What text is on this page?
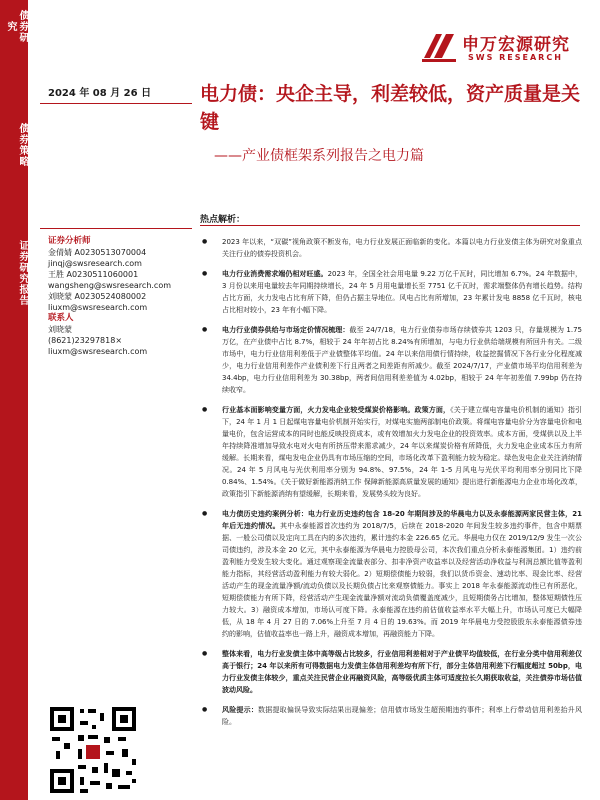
债券研究
债券策略
证券研究报告
申万宏源研究
SWS RESEARCH
2024 年 08 月 26 日	电力债：央企主导，利差较低，资产质量是关键
——产业债框架系列报告之电力篇
热点解析：
证券分析师
金倩婧 A0230513070004
jinqj@swsresearch.com
王胜 A0230511060001
wangsheng@swsresearch.com
刘晓蒙 A0230524080002
liuxm@swsresearch.com
联系人
刘晓蒙
(8621)23297818×
liuxm@swsresearch.com
● 2023 年以来，“双碳”视角政策不断发布，电力行业发展正面临新的变化。本篇以电力行业发债主体为研究对象重点关注行业的债券投资机会。
● 电力行业消费需求端仍相对旺盛。2023 年，全国全社会用电量 9.22 万亿千瓦时，同比增加 6.7%。24 年数据中，3 月份以来用电量较去年同期持续增长，24 年 5 月用电量增长至 7751 亿千瓦时，需求端整体仍有增长趋势。结构占比方面，火力发电占比有所下降，但仍占据主导地位。风电占比有所增加，23 年累计发电 8858 亿千瓦时，核电占比相对较小，23 年有小幅下降。
● 电力行业债券供给与市场定价情况梳理：截至 24/7/18，电力行业债券市场存续债券共 1203 只，存量规模为 1.75 万亿，在产业债中占比 8.7%，相较于 24 年年初占比 8.24%有所增加，与电力行业供给端规模有所回升有关。二级市场中，电力行业信用利差低于产业债整体平均值。24 年以来信用债行情持续，收益挖掘情况下各行业分化程度减少，电力行业信用利差作产业债利差下行且两者之间差距有所减少。截至 2024/7/17，产业债市场平均信用利差为 34.4bp，电力行业信用利差为 30.38bp，两者间信用利差差值为 4.02bp，相较于 24 年年初差值 7.99bp 仍在持续收窄。
● 行业基本面影响变量方面，火力发电企业较受煤炭价格影响。政策方面，《关于建立煤电容量电价机制的通知》指引下，24 年 1 月 1 日起煤电容量电价机制开始实行，对煤电实施两部制电价政策。将煤电容量电价分为容量电价和电量电价，包含运营成本的同时也能反映投资成本，或有效增加火力发电企业的投资效率。成本方面，受煤供以及上半年持续降准增加导致水电对火电有所挤压带来需求减少，24 年以来煤炭价格有所降低，火力发电企业成本压力有所缓解。长期来看，煤电发电企业仍具有市场压缩的空间，市场化改革下盈利能力较为稳定。绿色发电企业关注消纳情况。24 年 5 月风电与光伏利用率分别为 94.8%、97.5%，24 年 1-5 月风电与光伏平均利用率分别同比下降 0.84%、1.54%。《关于做好新能源消纳工作 保障新能源高质量发展的通知》提出进行新能源电力企业市场化改革，政策指引下新能源消纳有望缓解，长期来看，发展势头较为良好。
● 电力债历史违约案例分析：电力行业历史违约包含 18-20 年期间涉及的华晨电力以及永泰能源两家民营主体，21 年后无违约情况。其中永泰能源首次违约为 2018/7/5，后续在 2018-2020 年间发生较多违约事件，包含中期票据、一般公司债以及定向工具在内的多次违约，累计违约本金 226.65 亿元。华晨电力仅在 2019/12/9 发生一次公司债违约，涉及本金 20 亿元，其中永泰能源为华晨电力控股母公司，本次我们重点分析永泰能源集团。1）违约前盈利能力受发生较大变化。通过观察现金流量表部分、扣非净资产收益率以及经营活动净收益与利润总额比值等盈利能力指标，其经营活动盈利能力有较大弱化。2）短期偿债能力较弱，我们以货币资金、速动比率、现金比率、经营活动产生的现金流量净额/流动负债以及长期负债占比来观察债能力。事实上 2018 年永泰能源流动性已有所恶化，短期偿债能力有所下降，经营活动产生现金流量净额对流动负债覆盖度减少，且短期债务占比增加，整体短期债性压力较大。3）融资成本增加，市场认可度下降。永泰能源在违约前估值收益率水平大幅上升，市场认可度已大幅降低，从 18 年 4 月 27 日的 7.06%上升至 7 月 4 日的 19.63%。而 2019 年华晨电力受控股股东永泰能源债券违约的影响，估值收益率也一路上升，融资成本增加，再融资能力下降。
● 整体来看，电力行业发债主体中高等级占比较多，行业信用利差相对于产业债平均值较低，在行业分类中信用利差仅高于银行；24 年以来所有可得数据电力发债主体信用利差均有所下行，部分主体信用利差下行幅度超过 50bp，电力行业发债主体较少，重点关注民营企业再融资风险，高等级优质主体可适度拉长久期获取收益，关注债券市场估值波动风险。
● 风险提示：数据提取偏误导致实际结果出现偏差；信用债市场发生超预期违约事件；利率上行带动信用利差抬升风险。
